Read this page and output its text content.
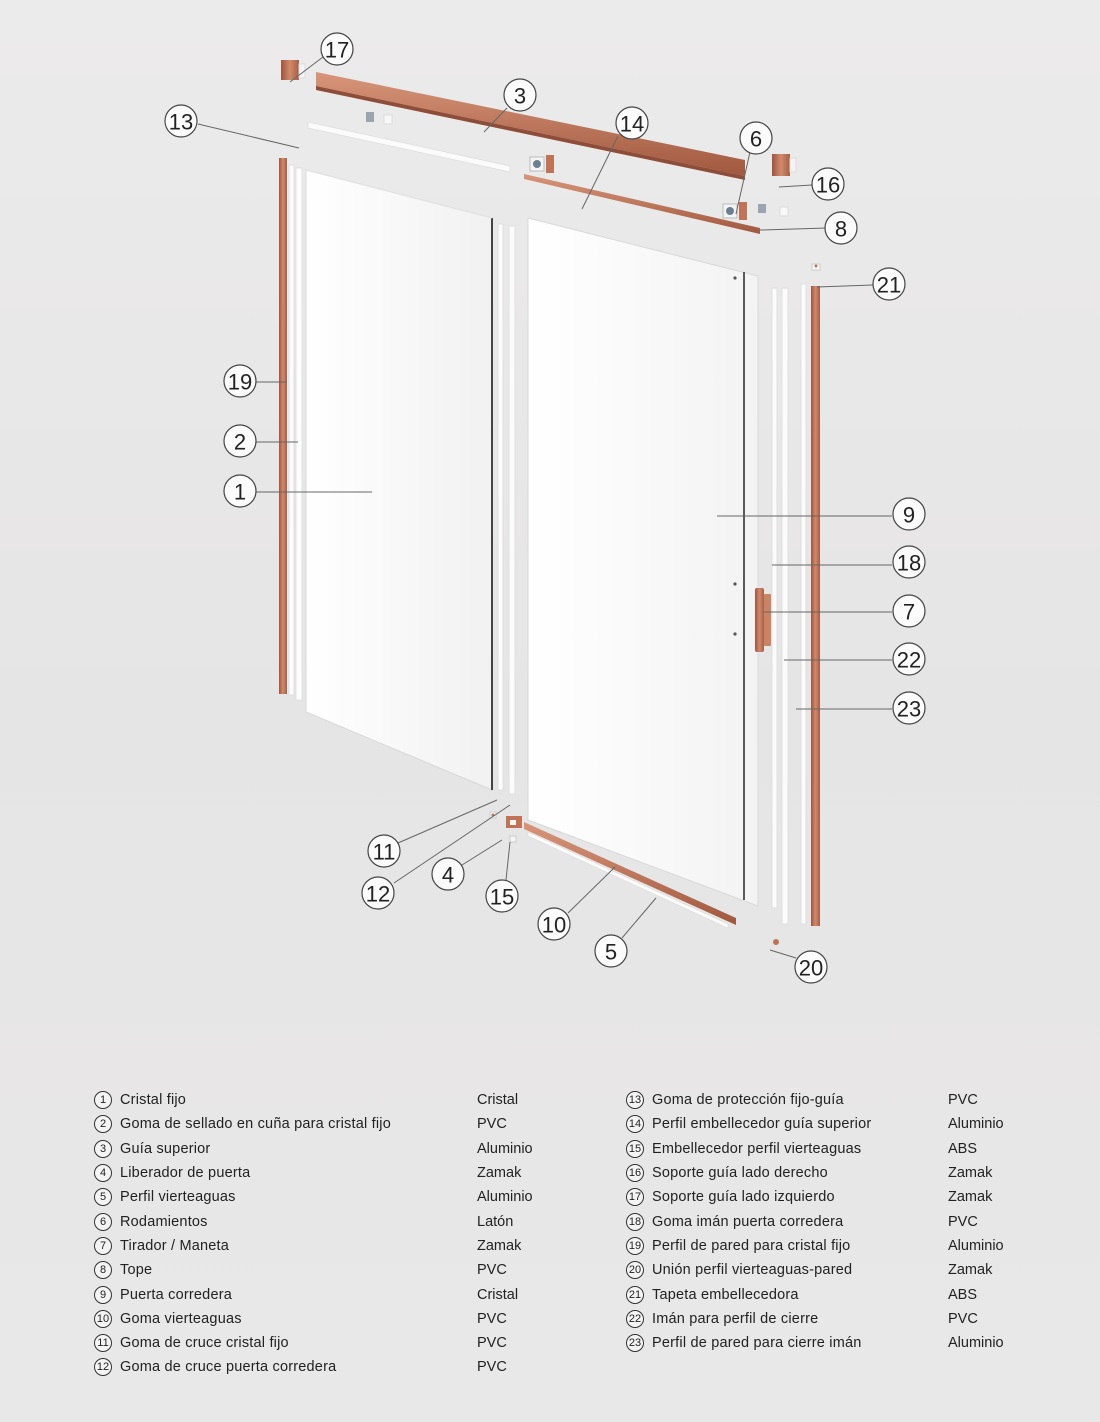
17
3
13	14
6
16
8
21
19
2
1
9
18
7
22
23
11
12
4
15
10
5
20
1 Cristal fijo	Cristal
2 Goma de sellado en cuña para cristal fijo	PVC
3 Guía superior	Aluminio
4 Liberador de puerta	Zamak
5 Perfil vierteaguas	Aluminio
6 Rodamientos	Latón
7 Tirador / Maneta	Zamak
8 Tope	PVC
9 Puerta corredera	Cristal
10 Goma vierteaguas	PVC
11 Goma de cruce cristal fijo	PVC
12 Goma de cruce puerta corredera	PVC
13 Goma de protección fijo-guía	PVC
14 Perfil embellecedor guía superior	Aluminio
15 Embellecedor perfil vierteaguas	ABS
16 Soporte guía lado derecho	Zamak
17 Soporte guía lado izquierdo	Zamak
18 Goma imán puerta corredera	PVC
19 Perfil de pared para cristal fijo	Aluminio
20 Unión perfil vierteaguas-pared	Zamak
21 Tapeta embellecedora	ABS
22 Imán para perfil de cierre	PVC
23 Perfil de pared para cierre imán	Aluminio
